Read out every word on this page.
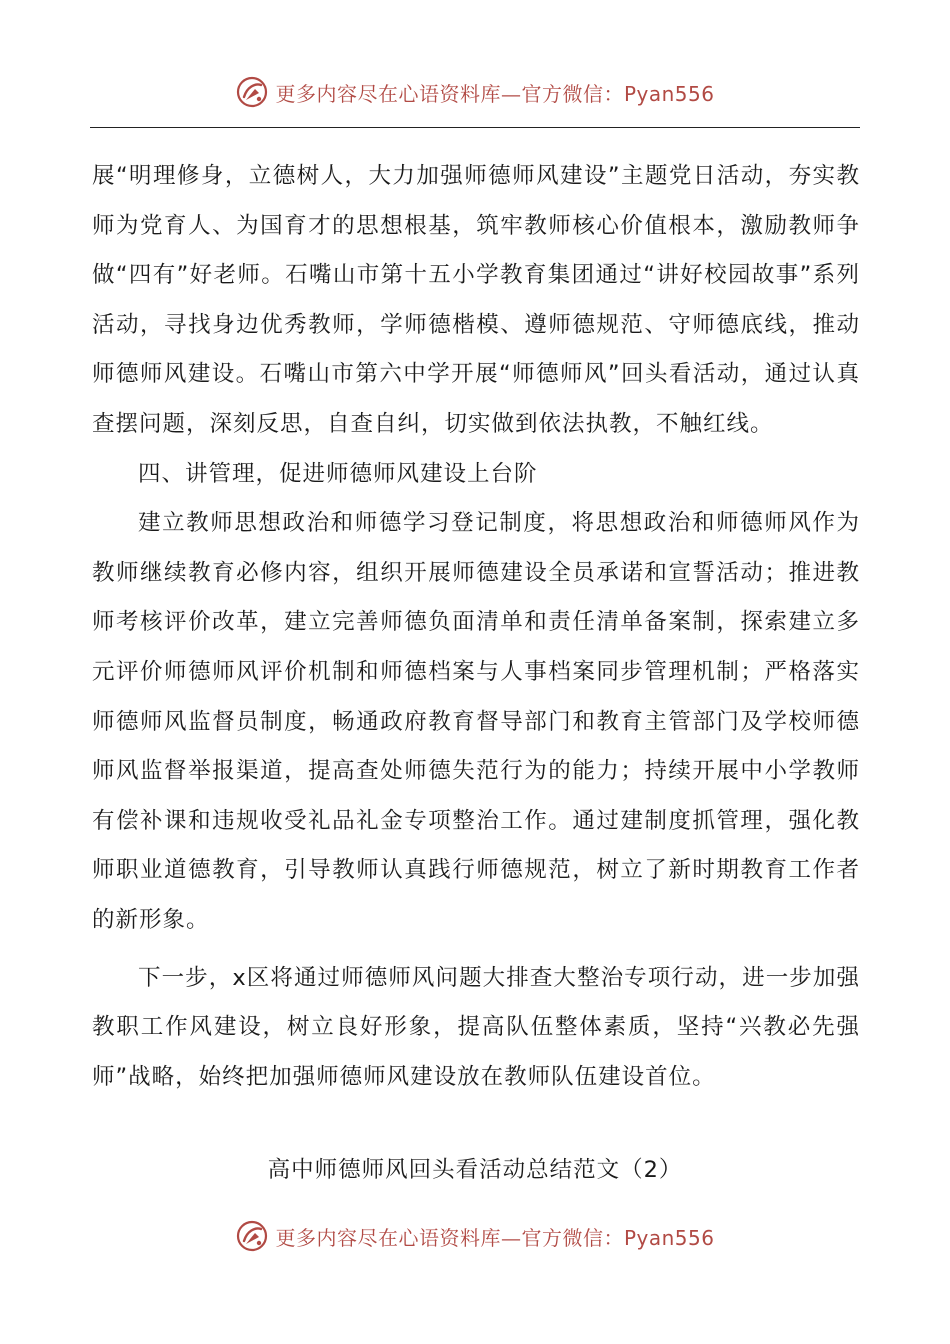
更多内容尽在心语资料库—官方微信：Pyan556

展“明理修身，立德树人，大力加强师德师风建设”主题党日活动，夯实教师为党育人、为国育才的思想根基，筑牢教师核心价值根本，激励教师争做“四有”好老师。石嘴山市第十五小学教育集团通过“讲好校园故事”系列活动，寻找身边优秀教师，学师德楷模、遵师德规范、守师德底线，推动师德师风建设。石嘴山市第六中学开展“师德师风”回头看活动，通过认真查摆问题，深刻反思，自查自纠，切实做到依法执教，不触红线。

四、讲管理，促进师德师风建设上台阶

建立教师思想政治和师德学习登记制度，将思想政治和师德师风作为教师继续教育必修内容，组织开展师德建设全员承诺和宣誓活动；推进教师考核评价改革，建立完善师德负面清单和责任清单备案制，探索建立多元评价师德师风评价机制和师德档案与人事档案同步管理机制；严格落实师德师风监督员制度，畅通政府教育督导部门和教育主管部门及学校师德师风监督举报渠道，提高查处师德失范行为的能力；持续开展中小学教师有偿补课和违规收受礼品礼金专项整治工作。通过建制度抓管理，强化教师职业道德教育，引导教师认真践行师德规范，树立了新时期教育工作者的新形象。

下一步，x区将通过师德师风问题大排查大整治专项行动，进一步加强教职工作风建设，树立良好形象，提高队伍整体素质，坚持“兴教必先强师”战略，始终把加强师德师风建设放在教师队伍建设首位。

高中师德师风回头看活动总结范文（2）
更多内容尽在心语资料库—官方微信：Pyan556
